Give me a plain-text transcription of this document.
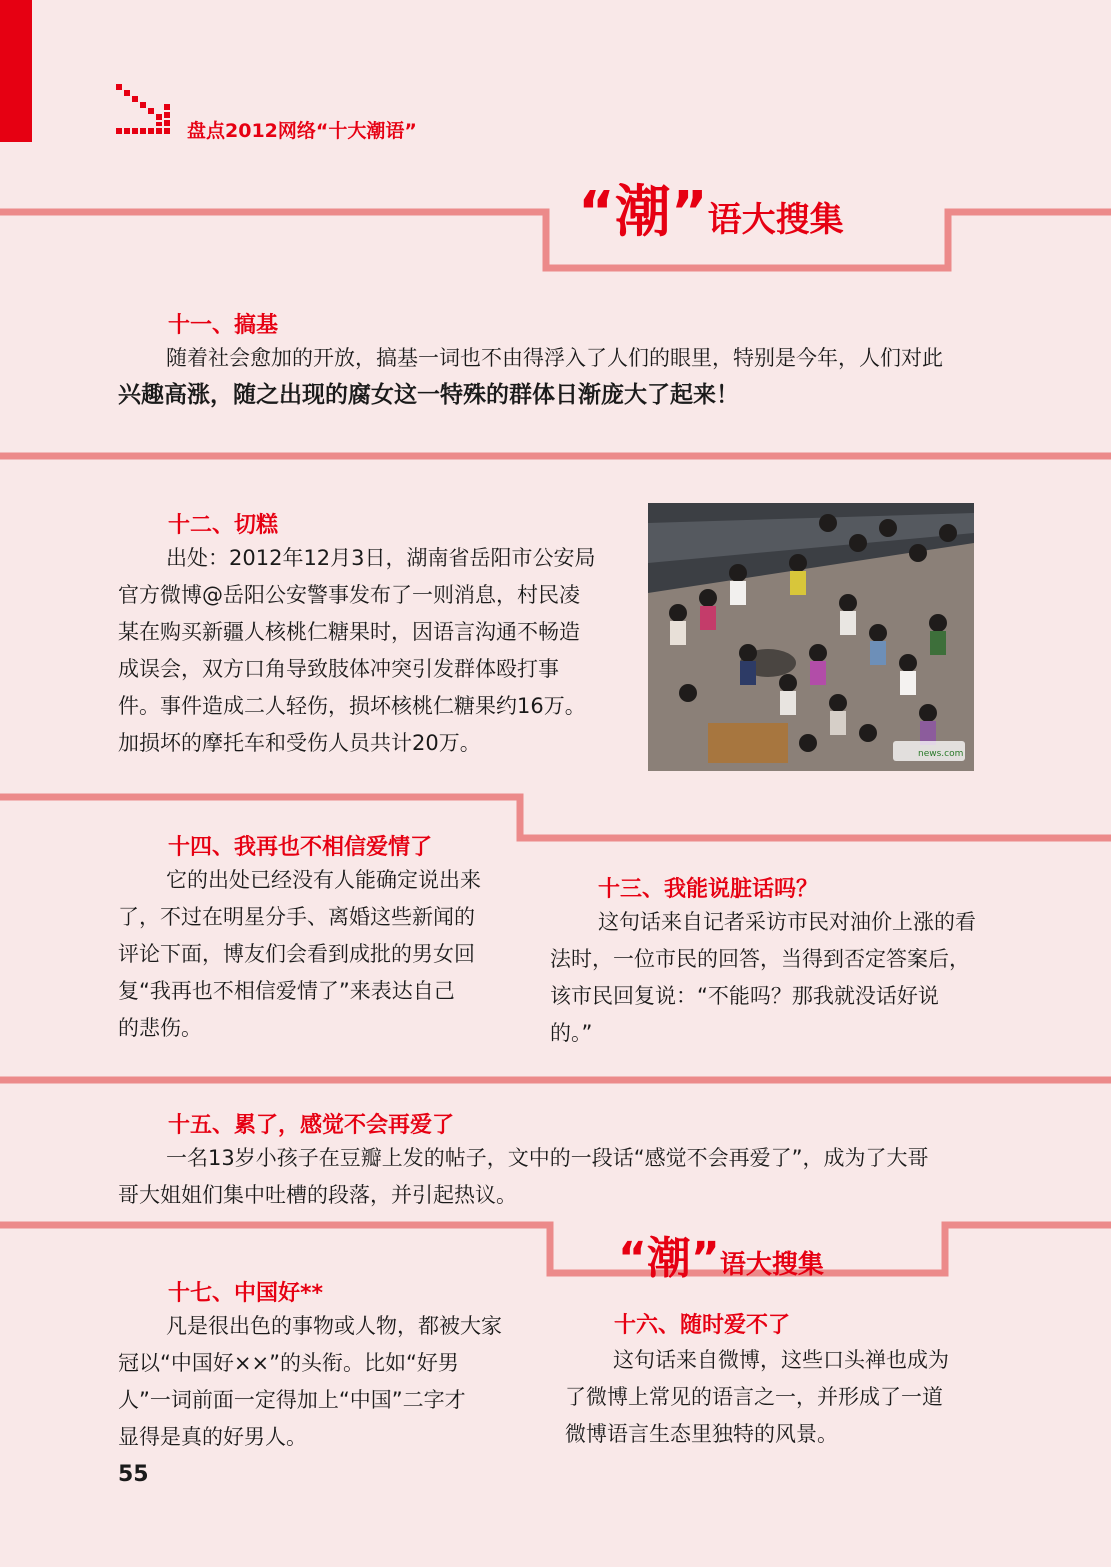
盘点2012网络“十大潮语”
“潮”语大搜集
十一、搞基

随着社会愈加的开放，搞基一词也不由得浮入了人们的眼里，特别是今年，人们对此

兴趣高涨，随之出现的腐女这一特殊的群体日渐庞大了起来！

十二、切糕

出处：2012年12月3日，湖南省岳阳市公安局

官方微博@岳阳公安警事发布了一则消息，村民凌

某在购买新疆人核桃仁糖果时，因语言沟通不畅造

成误会，双方口角导致肢体冲突引发群体殴打事

件。事件造成二人轻伤，损坏核桃仁糖果约16万。

加损坏的摩托车和受伤人员共计20万。	news.com
十四、我再也不相信爱情了

它的出处已经没有人能确定说出来

了，不过在明星分手、离婚这些新闻的

评论下面，博友们会看到成批的男女回

复“我再也不相信爱情了”来表达自己

的悲伤。

十三、我能说脏话吗？

这句话来自记者采访市民对油价上涨的看

法时，一位市民的回答，当得到否定答案后，

该市民回复说：“不能吗？那我就没话好说

的。”

十五、累了，感觉不会再爱了

一名13岁小孩子在豆瓣上发的帖子，文中的一段话“感觉不会再爱了”，成为了大哥

哥大姐姐们集中吐槽的段落，并引起热议。

“潮”语大搜集
十七、中国好**

凡是很出色的事物或人物，都被大家

冠以“中国好××”的头衔。比如“好男

人”一词前面一定得加上“中国”二字才

显得是真的好男人。

十六、随时爱不了

这句话来自微博，这些口头禅也成为

了微博上常见的语言之一，并形成了一道

微博语言生态里独特的风景。

55
